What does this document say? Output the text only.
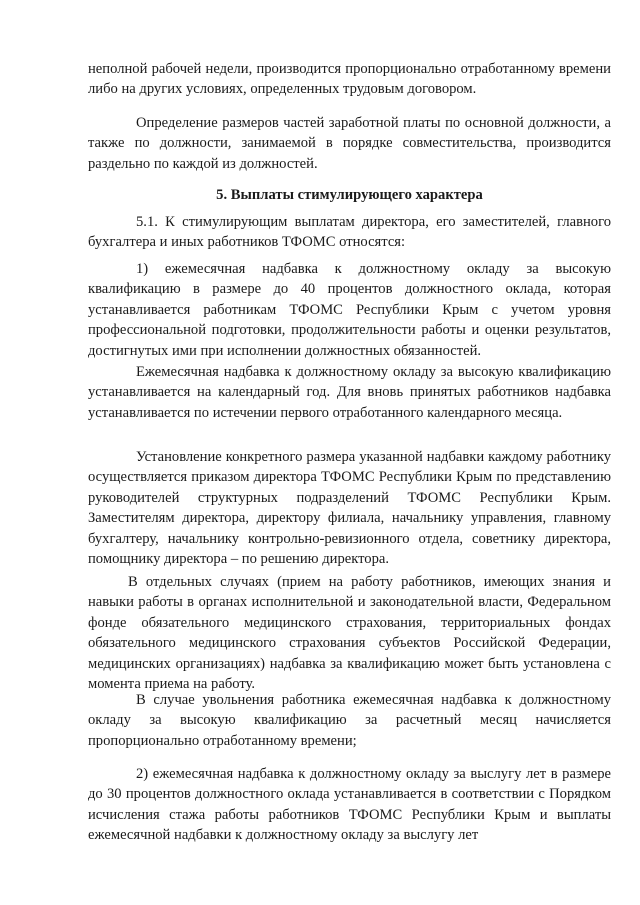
неполной рабочей недели, производится пропорционально отработанному времени либо на других условиях, определенных трудовым договором.

Определение размеров частей заработной платы по основной должности, а также по должности, занимаемой в порядке совместительства, производится раздельно по каждой из должностей.

5. Выплаты стимулирующего характера

5.1. К стимулирующим выплатам директора, его заместителей, главного бухгалтера и иных работников ТФОМС относятся:

1) ежемесячная надбавка к должностному окладу за высокую квалификацию в размере до 40 процентов должностного оклада, которая устанавливается работникам ТФОМС Республики Крым с учетом уровня профессиональной подготовки, продолжительности работы и оценки результатов, достигнутых ими при исполнении должностных обязанностей.

Ежемесячная надбавка к должностному окладу за высокую квалификацию устанавливается на календарный год. Для вновь принятых работников надбавка устанавливается по истечении первого отработанного календарного месяца.

Установление конкретного размера указанной надбавки каждому работнику осуществляется приказом директора ТФОМС Республики Крым по представлению руководителей структурных подразделений ТФОМС Республики Крым. Заместителям директора, директору филиала, начальнику управления, главному бухгалтеру, начальнику контрольно-ревизионного отдела, советнику директора, помощнику директора – по решению директора.

В отдельных случаях (прием на работу работников, имеющих знания и навыки работы в органах исполнительной и законодательной власти, Федеральном фонде обязательного медицинского страхования, территориальных фондах обязательного медицинского страхования субъектов Российской Федерации, медицинских организациях) надбавка за квалификацию может быть установлена с момента приема на работу.

В случае увольнения работника ежемесячная надбавка к должностному окладу за высокую квалификацию за расчетный месяц начисляется пропорционально отработанному времени;

2) ежемесячная надбавка к должностному окладу за выслугу лет в размере до 30 процентов должностного оклада устанавливается в соответствии с Порядком исчисления стажа работы работников ТФОМС Республики Крым и выплаты ежемесячной надбавки к должностному окладу за выслугу лет
